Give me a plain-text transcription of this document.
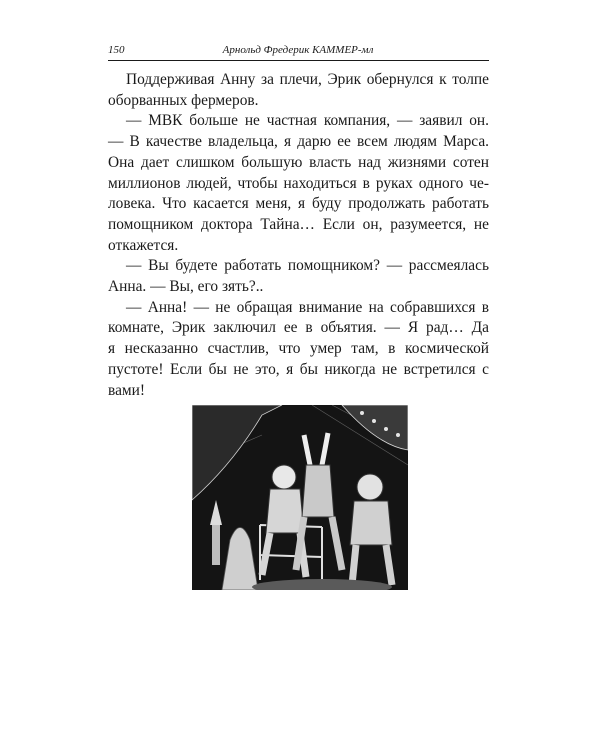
150	Арнольд Фредерик КАММЕР-мл

Поддерживая Анну за плечи, Эрик обернулся к толпе
оборванных фермеров.

— МВК больше не частная компания, — заявил он.
— В качестве владельца, я дарю ее всем людям Марса.
Она дает слишком большую власть над жизнями сотен
миллионов людей, чтобы находиться в руках одного че-
ловека. Что касается меня, я буду продолжать работать
помощником доктора Тайна… Если он, разумеется, не
откажется.

— Вы будете работать помощником? — рассмеялась
Анна. — Вы, его зять?..

— Анна! — не обращая внимание на собравшихся в
комнате, Эрик заключил ее в объятия. — Я рад… Да
я несказанно счастлив, что умер там, в космической
пустоте! Если бы не это, я бы никогда не встретился с
вами!
